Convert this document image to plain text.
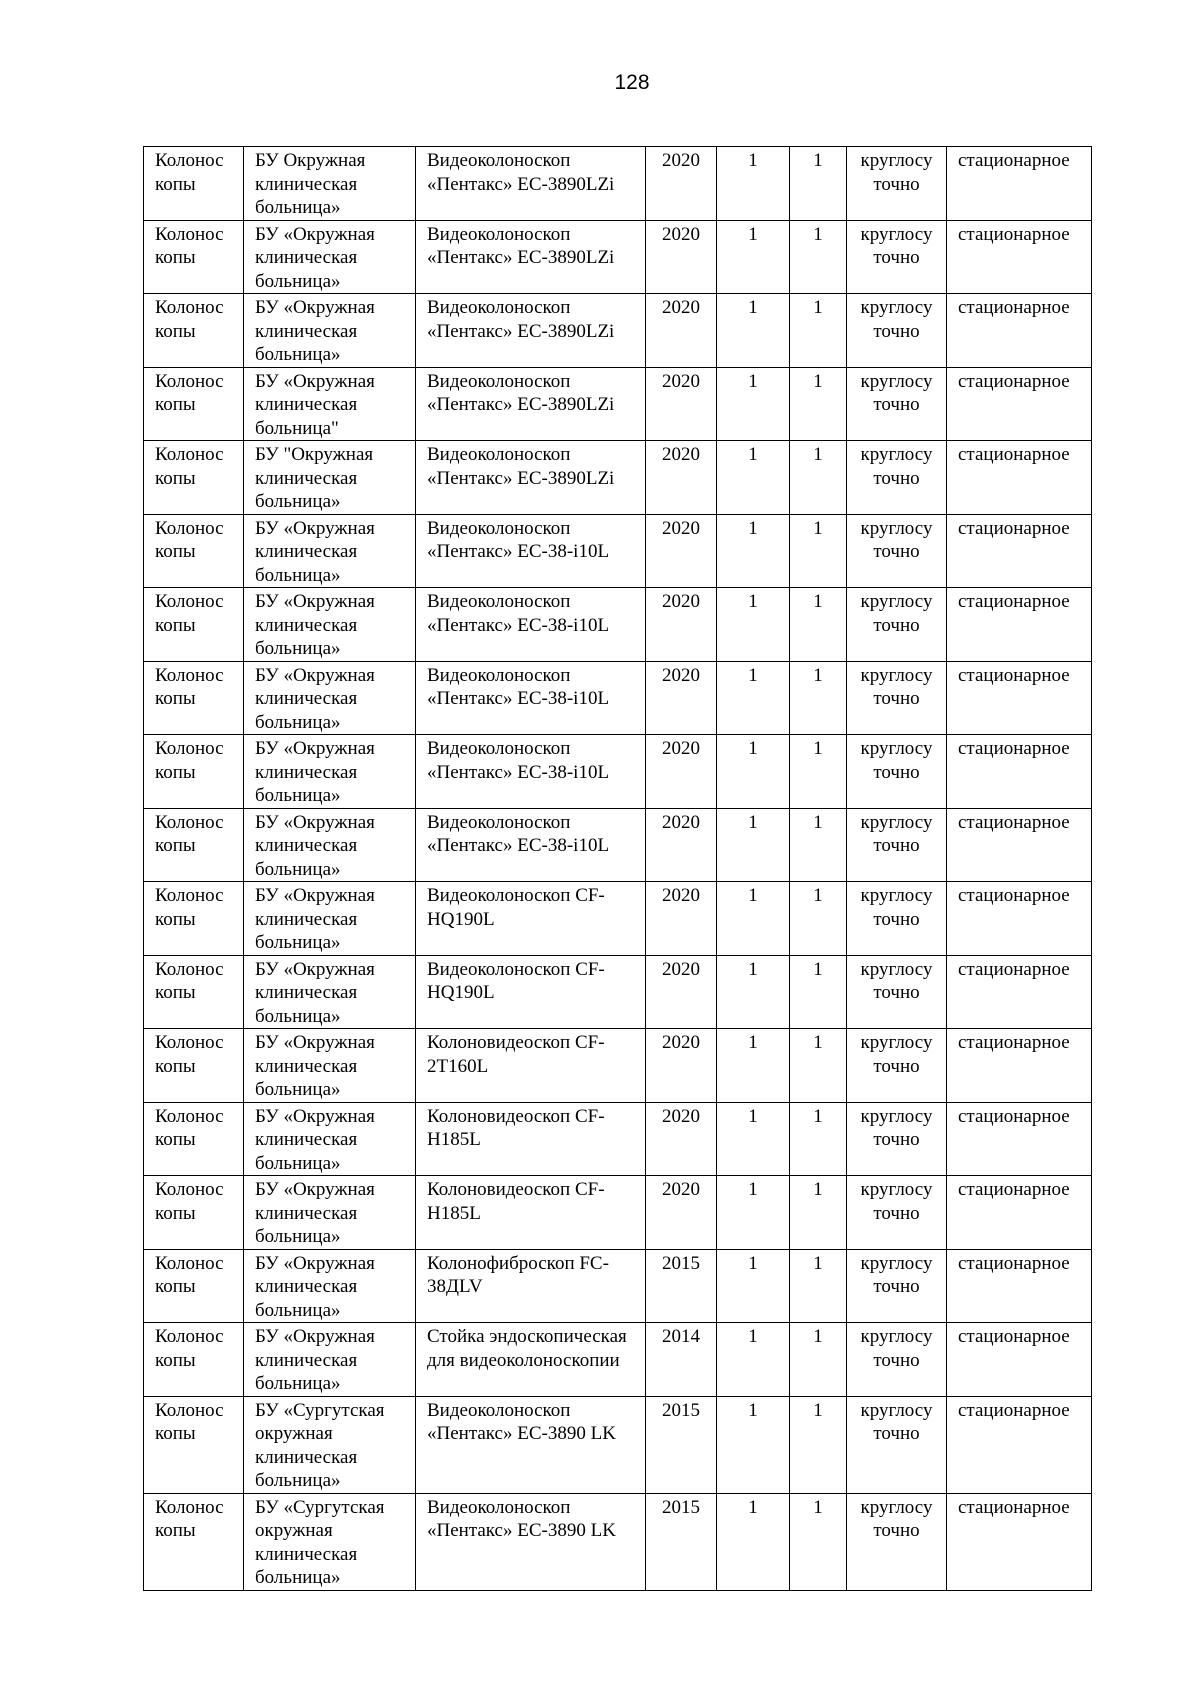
128
Колонос копы	БУ Окружная клиническая больница»	Видеоколоноскоп «Пентакс» EC-3890LZi	2020	1	1	круглосу точно	стационарное
Колонос копы	БУ «Окружная клиническая больница»	Видеоколоноскоп «Пентакс» EC-3890LZi	2020	1	1	круглосу точно	стационарное
Колонос копы	БУ «Окружная клиническая больница»	Видеоколоноскоп «Пентакс» EC-3890LZi	2020	1	1	круглосу точно	стационарное
Колонос копы	БУ «Окружная клиническая больница"	Видеоколоноскоп «Пентакс» EC-3890LZi	2020	1	1	круглосу точно	стационарное
Колонос копы	БУ "Окружная клиническая больница»	Видеоколоноскоп «Пентакс» EC-3890LZi	2020	1	1	круглосу точно	стационарное
Колонос копы	БУ «Окружная клиническая больница»	Видеоколоноскоп «Пентакс» EC-38-i10L	2020	1	1	круглосу точно	стационарное
Колонос копы	БУ «Окружная клиническая больница»	Видеоколоноскоп «Пентакс» EC-38-i10L	2020	1	1	круглосу точно	стационарное
Колонос копы	БУ «Окружная клиническая больница»	Видеоколоноскоп «Пентакс» EC-38-i10L	2020	1	1	круглосу точно	стационарное
Колонос копы	БУ «Окружная клиническая больница»	Видеоколоноскоп «Пентакс» EC-38-i10L	2020	1	1	круглосу точно	стационарное
Колонос копы	БУ «Окружная клиническая больница»	Видеоколоноскоп «Пентакс» EC-38-i10L	2020	1	1	круглосу точно	стационарное
Колонос копы	БУ «Окружная клиническая больница»	Видеоколоноскоп CF-HQ190L	2020	1	1	круглосу точно	стационарное
Колонос копы	БУ «Окружная клиническая больница»	Видеоколоноскоп CF-HQ190L	2020	1	1	круглосу точно	стационарное
Колонос копы	БУ «Окружная клиническая больница»	Колоновидеоскоп CF-2T160L	2020	1	1	круглосу точно	стационарное
Колонос копы	БУ «Окружная клиническая больница»	Колоновидеоскоп CF-H185L	2020	1	1	круглосу точно	стационарное
Колонос копы	БУ «Окружная клиническая больница»	Колоновидеоскоп CF-H185L	2020	1	1	круглосу точно	стационарное
Колонос копы	БУ «Окружная клиническая больница»	Колонофиброскоп FC-38ДLV	2015	1	1	круглосу точно	стационарное
Колонос копы	БУ «Окружная клиническая больница»	Стойка эндоскопическая для видеоколоноскопии	2014	1	1	круглосу точно	стационарное
Колонос копы	БУ «Сургутская окружная клиническая больница»	Видеоколоноскоп «Пентакс» EC-3890 LK	2015	1	1	круглосу точно	стационарное
Колонос копы	БУ «Сургутская окружная клиническая больница»	Видеоколоноскоп «Пентакс» EC-3890 LK	2015	1	1	круглосу точно	стационарное
